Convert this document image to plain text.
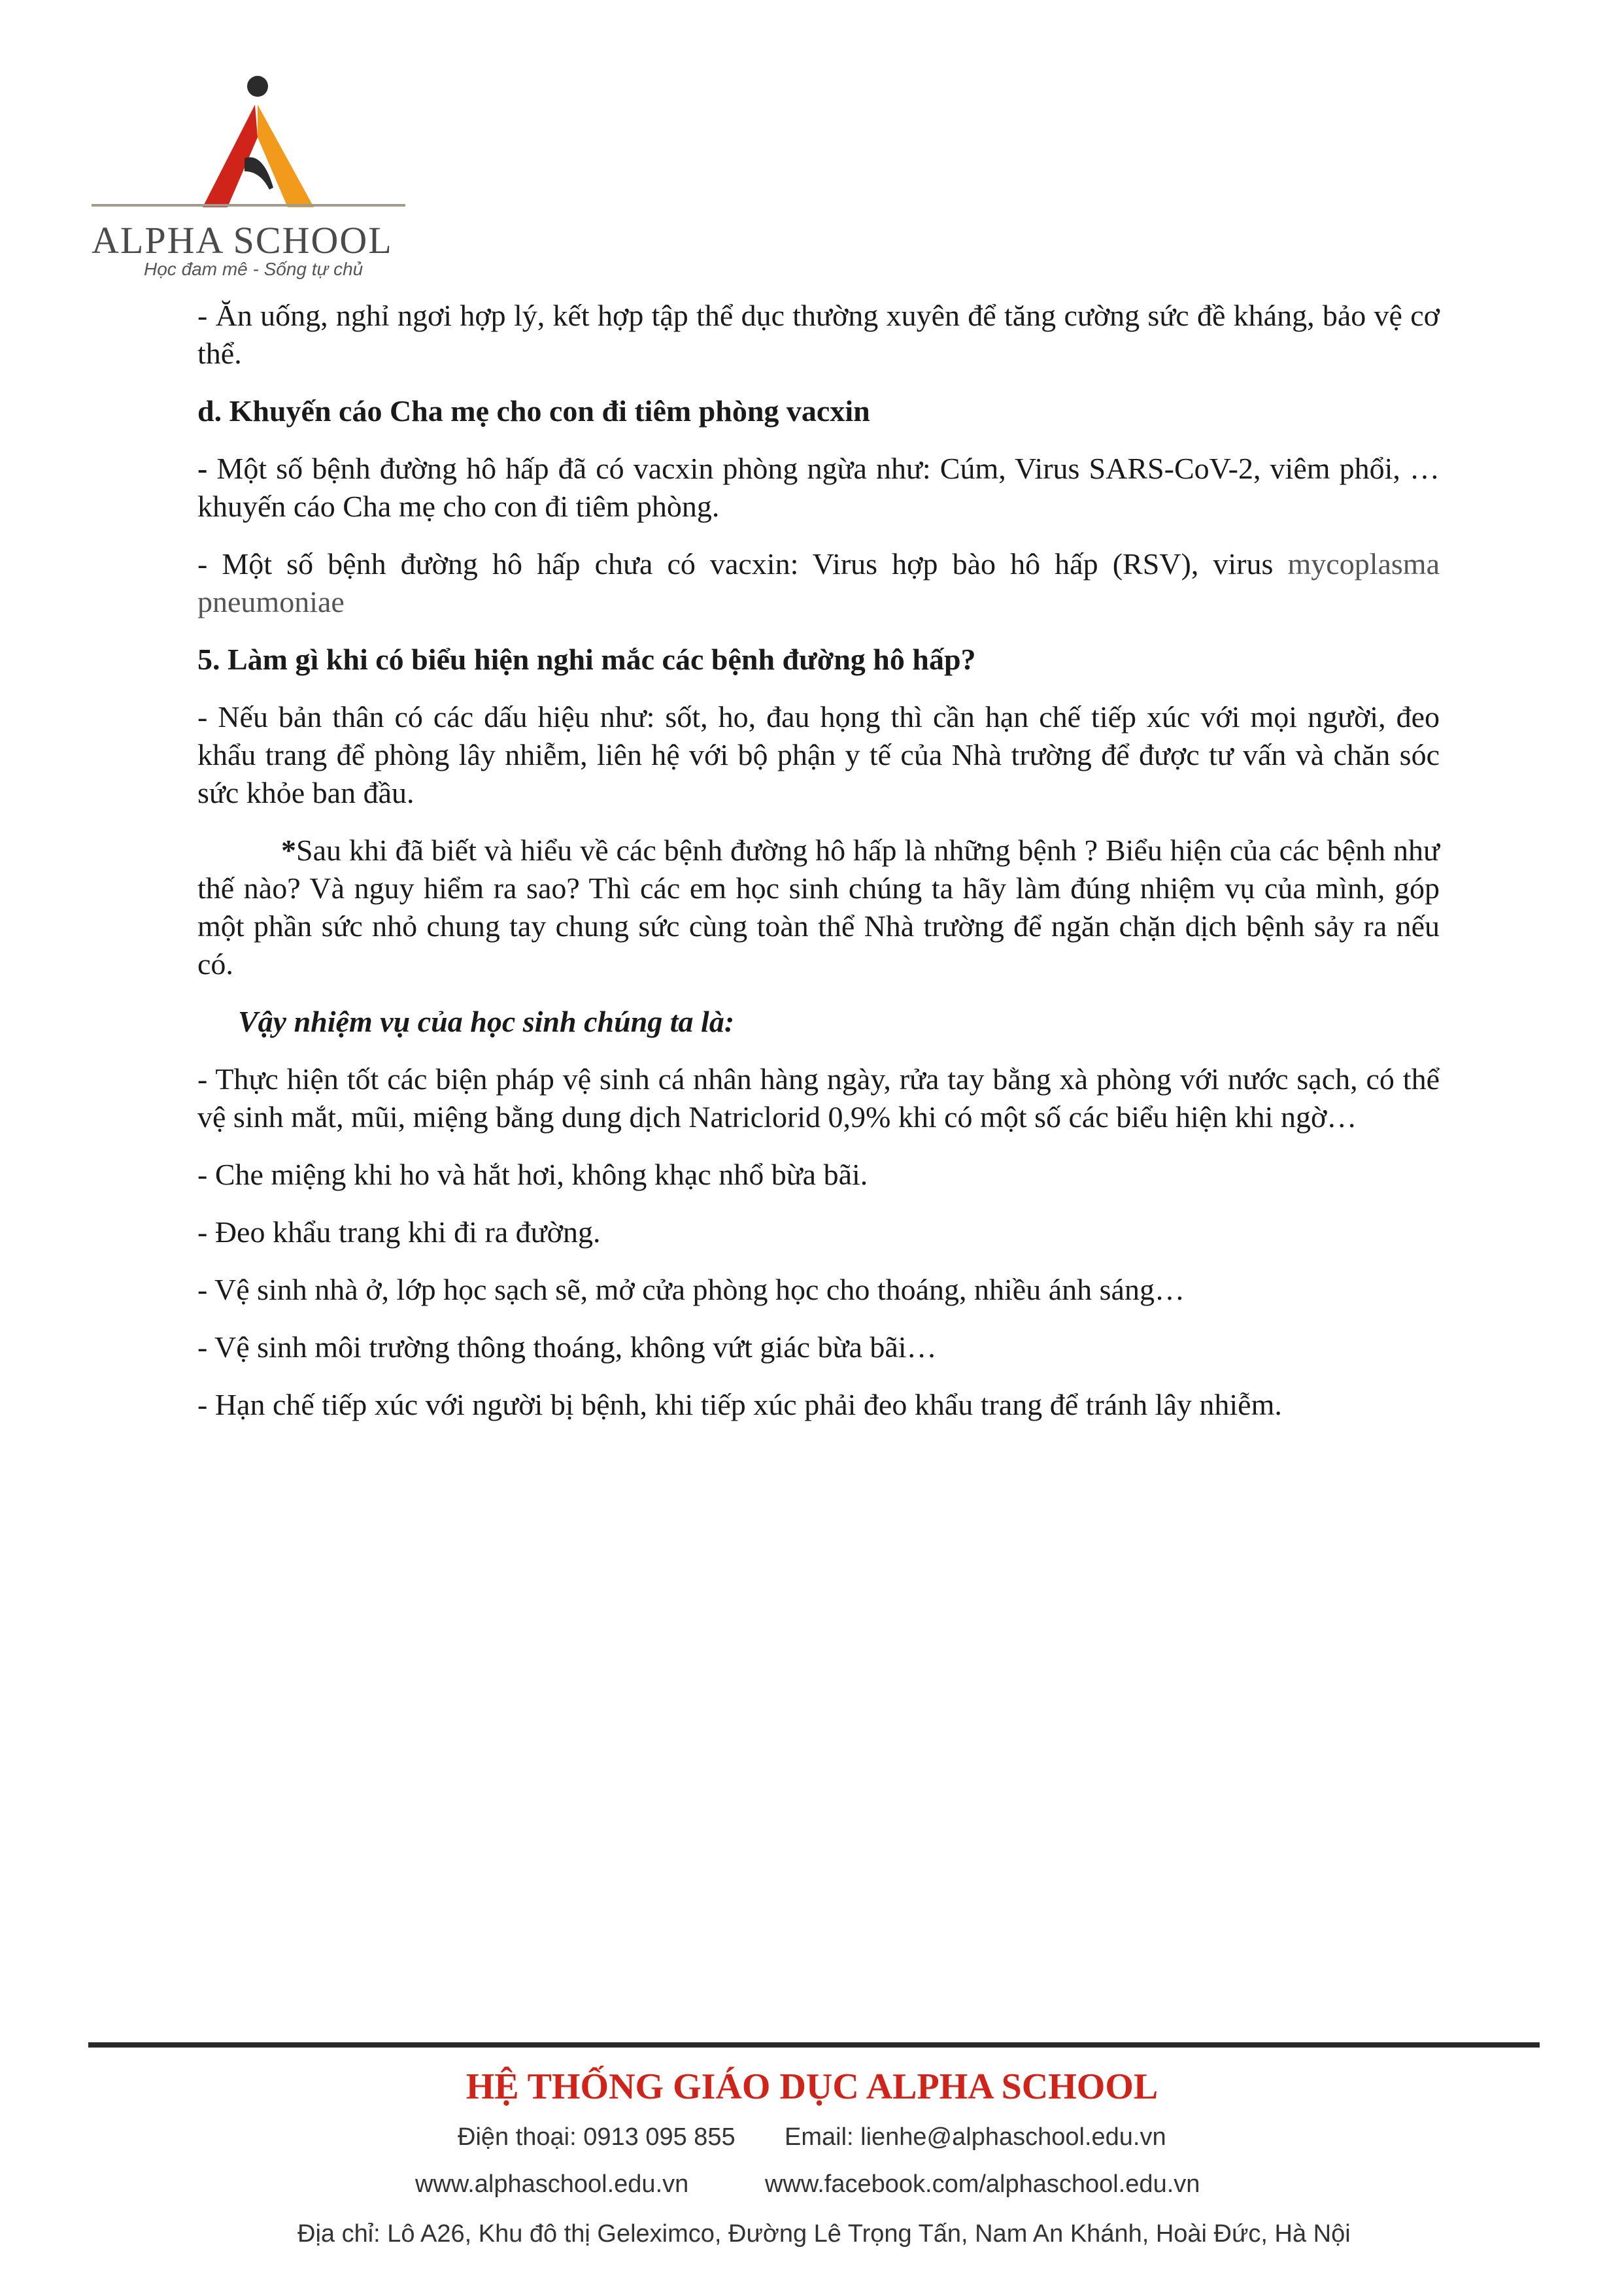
ALPHA SCHOOL
Học đam mê - Sống tự chủ

- Ăn uống, nghỉ ngơi hợp lý, kết hợp tập thể dục thường xuyên để tăng cường sức đề kháng, bảo vệ cơ thể.

d. Khuyến cáo Cha mẹ cho con đi tiêm phòng vacxin

- Một số bệnh đường hô hấp đã có vacxin phòng ngừa như: Cúm, Virus SARS-CoV-2, viêm phổi, … khuyến cáo Cha mẹ cho con đi tiêm phòng.

- Một số bệnh đường hô hấp chưa có vacxin: Virus hợp bào hô hấp (RSV), virus mycoplasma pneumoniae

5. Làm gì khi có biểu hiện nghi mắc các bệnh đường hô hấp?

- Nếu bản thân có các dấu hiệu như: sốt, ho, đau họng thì cần hạn chế tiếp xúc với mọi người, đeo khẩu trang để phòng lây nhiễm, liên hệ với bộ phận y tế của Nhà trường để được tư vấn và chăn sóc sức khỏe ban đầu.

*Sau khi đã biết và hiểu về các bệnh đường hô hấp là những bệnh ? Biểu hiện của các bệnh như thế nào? Và nguy hiểm ra sao? Thì các em học sinh chúng ta hãy làm đúng nhiệm vụ của mình, góp một phần sức nhỏ chung tay chung sức cùng toàn thể Nhà trường để ngăn chặn dịch bệnh sảy ra nếu có.

Vậy nhiệm vụ của học sinh chúng ta là:

- Thực hiện tốt các biện pháp vệ sinh cá nhân hàng ngày, rửa tay bằng xà phòng với nước sạch, có thể vệ sinh mắt, mũi, miệng bằng dung dịch Natriclorid 0,9% khi có một số các biểu hiện khi ngờ…

- Che miệng khi ho và hắt hơi, không khạc nhổ bừa bãi.

- Đeo khẩu trang khi đi ra đường.

- Vệ sinh nhà ở, lớp học sạch sẽ, mở cửa phòng học cho thoáng, nhiều ánh sáng…

- Vệ sinh môi trường thông thoáng, không vứt giác bừa bãi…

- Hạn chế tiếp xúc với người bị bệnh, khi tiếp xúc phải đeo khẩu trang để tránh lây nhiễm.

HỆ THỐNG GIÁO DỤC ALPHA SCHOOL
Điện thoại: 0913 095 855 Email: lienhe@alphaschool.edu.vn
www.alphaschool.edu.vn	www.facebook.com/alphaschool.edu.vn
Địa chỉ: Lô A26, Khu đô thị Geleximco, Đường Lê Trọng Tấn, Nam An Khánh, Hoài Đức, Hà Nội
